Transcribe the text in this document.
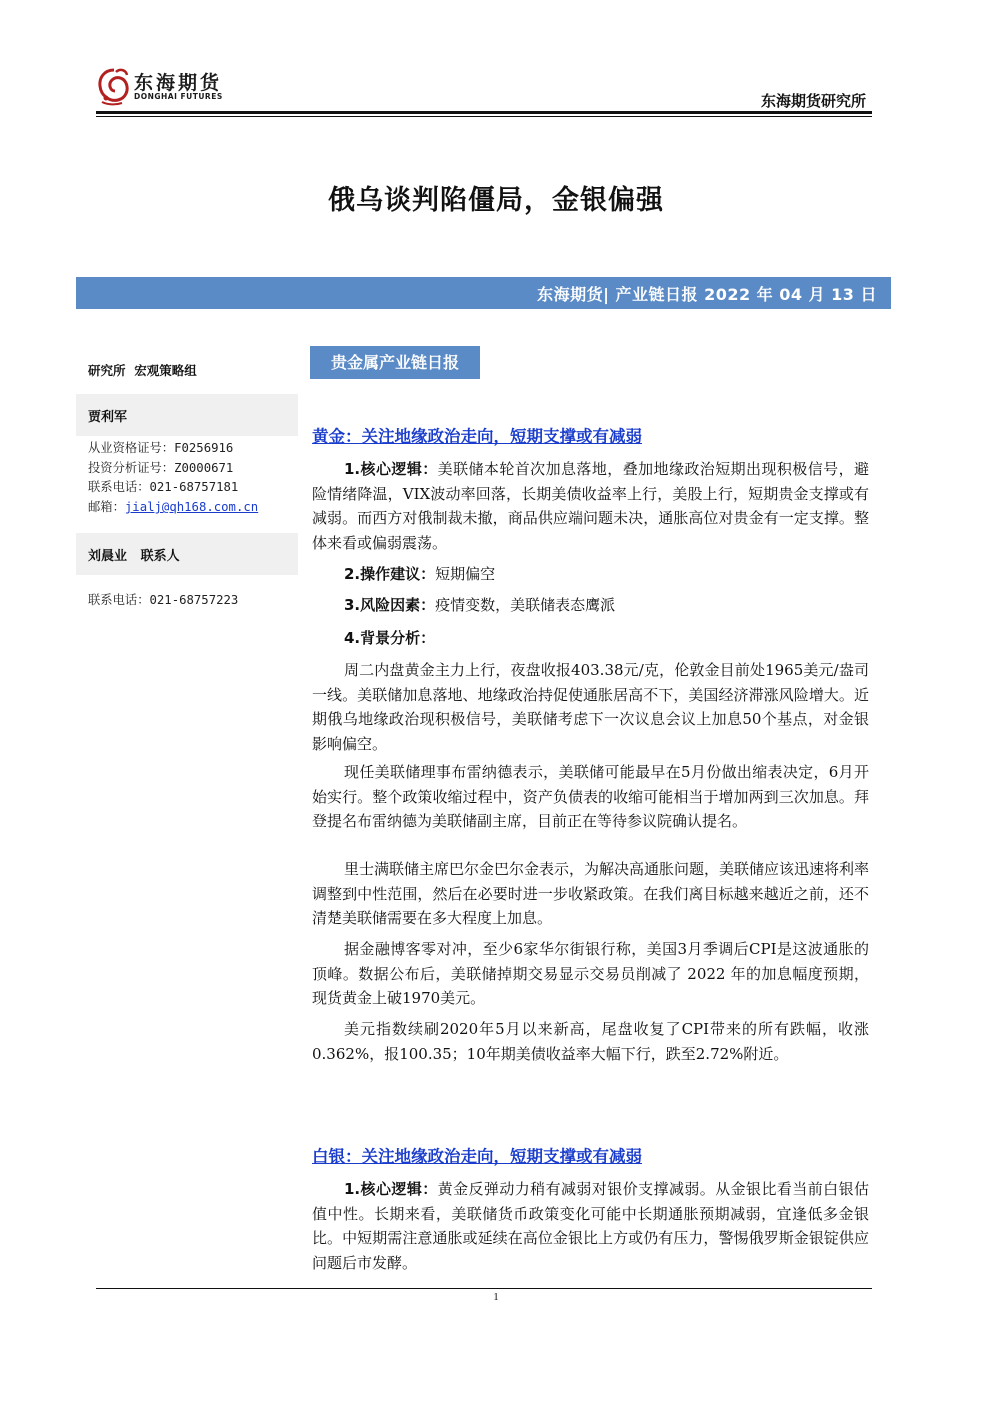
东海期货
DONGHAI FUTURES	东海期货研究所
俄乌谈判陷僵局，金银偏强
东海期货| 产业链日报 2022 年 04 月 13 日
研究所  宏观策略组
贾利军
从业资格证号：F0256916
投资分析证号：Z0000671
联系电话：021-68757181
邮箱：jialj@qh168.com.cn
刘晨业   联系人
联系电话：021-68757223
贵金属产业链日报
黄金：关注地缘政治走向，短期支撑或有减弱
1.核心逻辑：美联储本轮首次加息落地，叠加地缘政治短期出现积极信号，避险情绪降温，VIX波动率回落，长期美债收益率上行，美股上行，短期贵金支撑或有减弱。而西方对俄制裁未撤，商品供应端问题未决，通胀高位对贵金有一定支撑。整体来看或偏弱震荡。
2.操作建议：短期偏空
3.风险因素：疫情变数，美联储表态鹰派
4.背景分析：
周二内盘黄金主力上行，夜盘收报403.38元/克，伦敦金目前处1965美元/盎司一线。美联储加息落地、地缘政治持促使通胀居高不下，美国经济滞涨风险增大。近期俄乌地缘政治现积极信号，美联储考虑下一次议息会议上加息50个基点，对金银影响偏空。
现任美联储理事布雷纳德表示，美联储可能最早在5月份做出缩表决定，6月开始实行。整个政策收缩过程中，资产负债表的收缩可能相当于增加两到三次加息。拜登提名布雷纳德为美联储副主席，目前正在等待参议院确认提名。
里士满联储主席巴尔金巴尔金表示，为解决高通胀问题，美联储应该迅速将利率调整到中性范围，然后在必要时进一步收紧政策。在我们离目标越来越近之前，还不清楚美联储需要在多大程度上加息。
据金融博客零对冲，至少6家华尔街银行称，美国3月季调后CPI是这波通胀的顶峰。数据公布后，美联储掉期交易显示交易员削减了 2022 年的加息幅度预期，现货黄金上破1970美元。
美元指数续刷2020年5月以来新高，尾盘收复了CPI带来的所有跌幅，收涨0.362%，报100.35；10年期美债收益率大幅下行，跌至2.72%附近。
白银：关注地缘政治走向，短期支撑或有减弱
1.核心逻辑：黄金反弹动力稍有减弱对银价支撑减弱。从金银比看当前白银估值中性。长期来看，美联储货币政策变化可能中长期通胀预期减弱，宜逢低多金银比。中短期需注意通胀或延续在高位金银比上方或仍有压力，警惕俄罗斯金银锭供应问题后市发酵。
1
